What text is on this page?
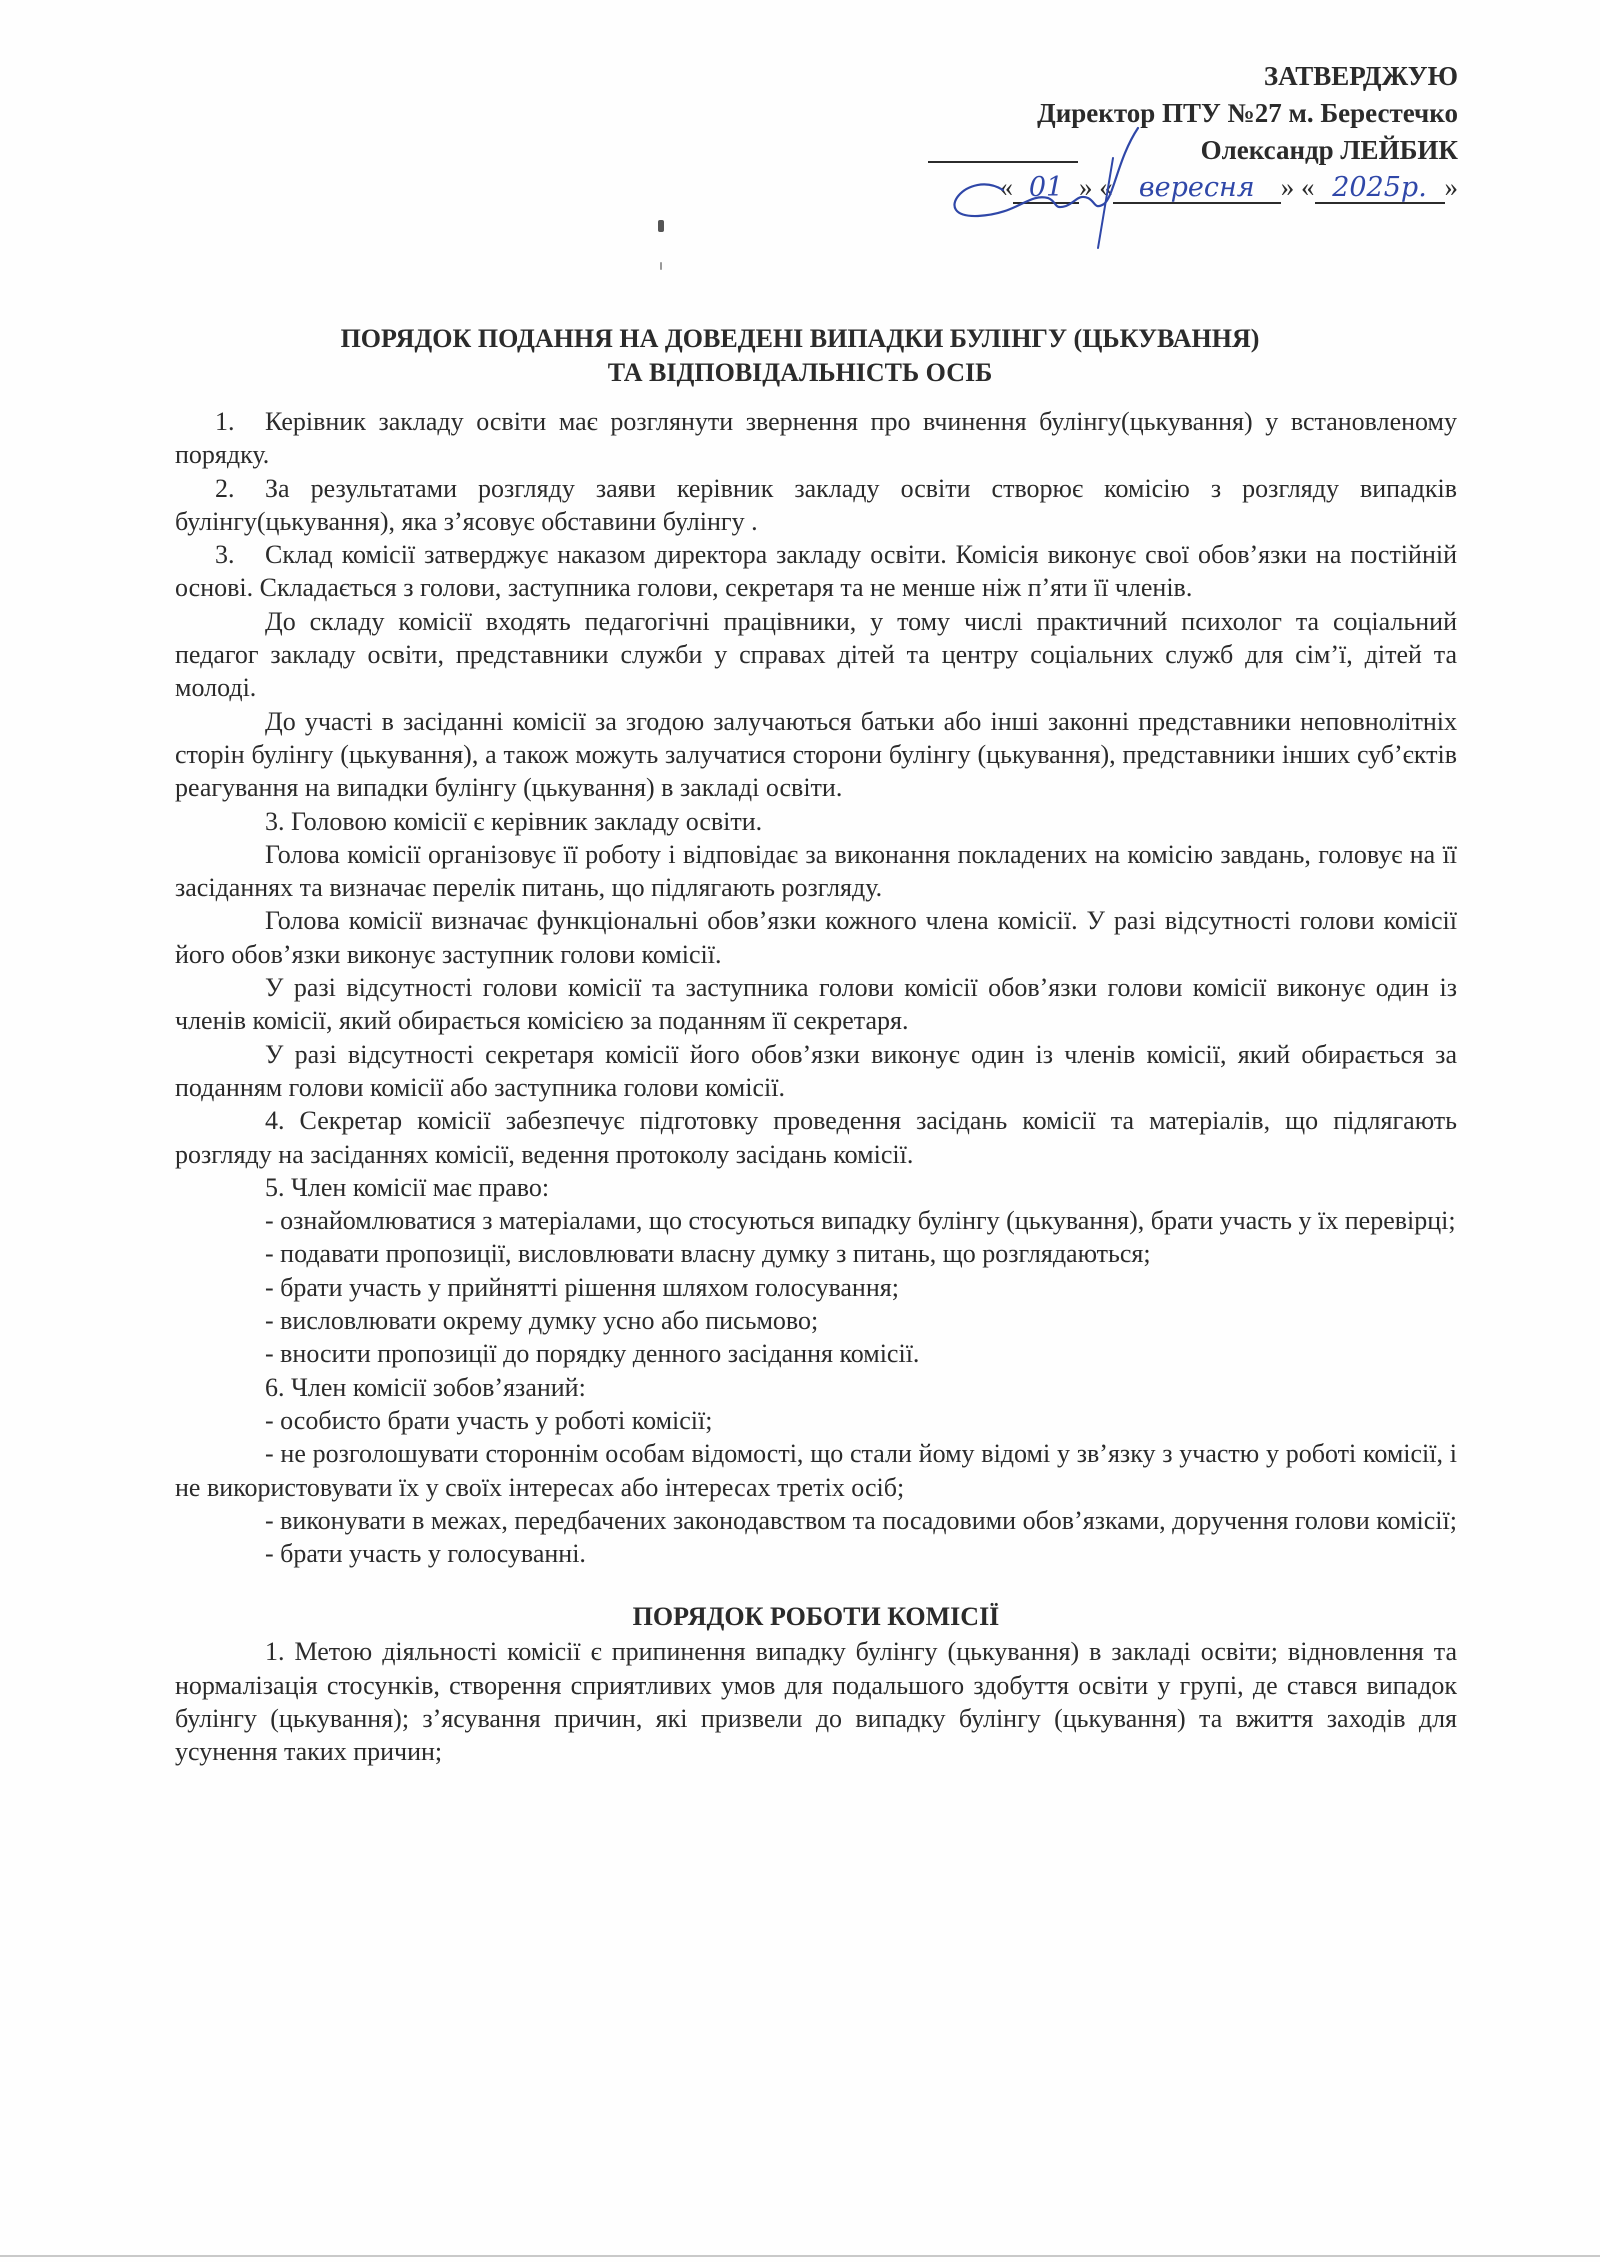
ЗАТВЕРДЖУЮ
Директор ПТУ №27 м. Берестечко
Олександр ЛЕЙБИК
« 01 » « вересня » « 2025р. »
ПОРЯДОК ПОДАННЯ НА ДОВЕДЕНІ ВИПАДКИ БУЛІНГУ (ЦЬКУВАННЯ)
ТА ВІДПОВІДАЛЬНІСТЬ ОСІБ

1. Керівник закладу освіти має розглянути звернення про вчинення булінгу(цькування) у встановленому порядку.

2. За результатами розгляду заяви керівник закладу освіти створює комісію з розгляду випадків булінгу(цькування), яка з’ясовує обставини булінгу .

3. Склад комісії затверджує наказом директора закладу освіти. Комісія виконує свої обов’язки на постійній основі. Складається з голови, заступника голови, секретаря та не менше ніж п’яти її членів.

До складу комісії входять педагогічні працівники, у тому числі практичний психолог та соціальний педагог закладу освіти, представники служби у справах дітей та центру соціальних служб для сім’ї, дітей та молоді.

До участі в засіданні комісії за згодою залучаються батьки або інші законні представники неповнолітніх сторін булінгу (цькування), а також можуть залучатися сторони булінгу (цькування), представники інших суб’єктів реагування на випадки булінгу (цькування) в закладі освіти.

3. Головою комісії є керівник закладу освіти.

Голова комісії організовує її роботу і відповідає за виконання покладених на комісію завдань, головує на її засіданнях та визначає перелік питань, що підлягають розгляду.

Голова комісії визначає функціональні обов’язки кожного члена комісії. У разі відсутності голови комісії його обов’язки виконує заступник голови комісії.

У разі відсутності голови комісії та заступника голови комісії обов’язки голови комісії виконує один із членів комісії, який обирається комісією за поданням її секретаря.

У разі відсутності секретаря комісії його обов’язки виконує один із членів комісії, який обирається за поданням голови комісії або заступника голови комісії.

4. Секретар комісії забезпечує підготовку проведення засідань комісії та матеріалів, що підлягають розгляду на засіданнях комісії, ведення протоколу засідань комісії.

5. Член комісії має право:

- ознайомлюватися з матеріалами, що стосуються випадку булінгу (цькування), брати участь у їх перевірці;

- подавати пропозиції, висловлювати власну думку з питань, що розглядаються;

- брати участь у прийнятті рішення шляхом голосування;

- висловлювати окрему думку усно або письмово;

- вносити пропозиції до порядку денного засідання комісії.

6. Член комісії зобов’язаний:

- особисто брати участь у роботі комісії;

- не розголошувати стороннім особам відомості, що стали йому відомі у зв’язку з участю у роботі комісії, і не використовувати їх у своїх інтересах або інтересах третіх осіб;

- виконувати в межах, передбачених законодавством та посадовими обов’язками, доручення голови комісії;

- брати участь у голосуванні.

ПОРЯДОК РОБОТИ КОМІСІЇ

1. Метою діяльності комісії є припинення випадку булінгу (цькування) в закладі освіти; відновлення та нормалізація стосунків, створення сприятливих умов для подальшого здобуття освіти у групі, де стався випадок булінгу (цькування); з’ясування причин, які призвели до випадку булінгу (цькування) та вжиття заходів для усунення таких причин;
